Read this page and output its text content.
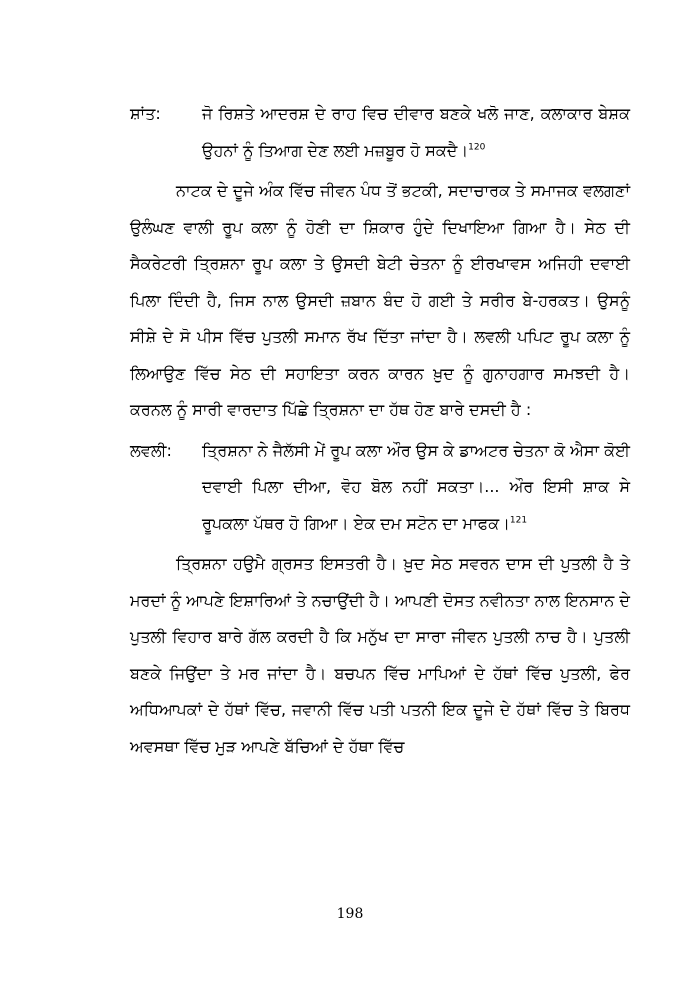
ਸ਼ਾਂਤ:	ਜੋ ਰਿਸ਼ਤੇ ਆਦਰਸ਼ ਦੇ ਰਾਹ ਵਿਚ ਦੀਵਾਰ ਬਣਕੇ ਖਲੋ ਜਾਣ, ਕਲਾਕਾਰ ਬੇਸ਼ਕ ਉਹਨਾਂ ਨੂੰ ਤਿਆਗ ਦੇਣ ਲਈ ਮਜ਼ਬੂਰ ਹੋ ਸਕਦੈ।$^{120}$

ਨਾਟਕ ਦੇ ਦੂਜੇ ਅੰਕ ਵਿੱਚ ਜੀਵਨ ਪੰਧ ਤੋਂ ਭਟਕੀ, ਸਦਾਚਾਰਕ ਤੇ ਸਮਾਜਕ ਵਲਗਣਾਂ ਉਲੰਘਣ ਵਾਲੀ ਰੂਪ ਕਲਾ ਨੂੰ ਹੋਣੀ ਦਾ ਸ਼ਿਕਾਰ ਹੁੰਦੇ ਦਿਖਾਇਆ ਗਿਆ ਹੈ। ਸੇਠ ਦੀ ਸੈਕਰੇਟਰੀ ਤ੍ਰਿਸ਼ਨਾ ਰੂਪ ਕਲਾ ਤੇ ਉਸਦੀ ਬੇਟੀ ਚੇਤਨਾ ਨੂੰ ਈਰਖਾਵਸ ਅਜਿਹੀ ਦਵਾਈ ਪਿਲਾ ਦਿੰਦੀ ਹੈ, ਜਿਸ ਨਾਲ ਉਸਦੀ ਜ਼ਬਾਨ ਬੰਦ ਹੋ ਗਈ ਤੇ ਸਰੀਰ ਬੇ-ਹਰਕਤ। ਉਸਨੂੰ ਸੀਸ਼ੇ ਦੇ ਸੋ ਪੀਸ ਵਿੱਚ ਪੁਤਲੀ ਸਮਾਨ ਰੱਖ ਦਿੱਤਾ ਜਾਂਦਾ ਹੈ। ਲਵਲੀ ਪਪਿਟ ਰੂਪ ਕਲਾ ਨੂੰ ਲਿਆਉਣ ਵਿੱਚ ਸੇਠ ਦੀ ਸਹਾਇਤਾ ਕਰਨ ਕਾਰਨ ਖ਼ੁਦ ਨੂੰ ਗੁਨਾਹਗਾਰ ਸਮਝਦੀ ਹੈ। ਕਰਨਲ ਨੂੰ ਸਾਰੀ ਵਾਰਦਾਤ ਪਿੱਛੇ ਤ੍ਰਿਸ਼ਨਾ ਦਾ ਹੱਥ ਹੋਣ ਬਾਰੇ ਦਸਦੀ ਹੈ :

ਲਵਲੀ:	ਤ੍ਰਿਸ਼ਨਾ ਨੇ ਜੈਲੱਸੀ ਮੇਂ ਰੂਪ ਕਲਾ ਔਰ ਉਸ ਕੇ ਡਾਅਟਰ ਚੇਤਨਾ ਕੋ ਐਸਾ ਕੋਈ ਦਵਾਈ ਪਿਲਾ ਦੀਆ, ਵੋਹ ਬੋਲ ਨਹੀਂ ਸਕਤਾ।... ਔਰ ਇਸੀ ਸ਼ਾਕ ਸੇ ਰੂਪਕਲਾ ਪੱਥਰ ਹੋ ਗਿਆ। ਏਕ ਦਮ ਸਟੋਨ ਦਾ ਮਾਫਕ।$^{121}$

ਤ੍ਰਿਸ਼ਨਾ ਹਉਮੈ ਗ੍ਰਸਤ ਇਸਤਰੀ ਹੈ। ਖ਼ੁਦ ਸੇਠ ਸਵਰਨ ਦਾਸ ਦੀ ਪੁਤਲੀ ਹੈ ਤੇ ਮਰਦਾਂ ਨੂੰ ਆਪਣੇ ਇਸ਼ਾਰਿਆਂ ਤੇ ਨਚਾਉਂਦੀ ਹੈ। ਆਪਣੀ ਦੋਸਤ ਨਵੀਨਤਾ ਨਾਲ ਇਨਸਾਨ ਦੇ ਪੁਤਲੀ ਵਿਹਾਰ ਬਾਰੇ ਗੱਲ ਕਰਦੀ ਹੈ ਕਿ ਮਨੁੱਖ ਦਾ ਸਾਰਾ ਜੀਵਨ ਪੁਤਲੀ ਨਾਚ ਹੈ। ਪੁਤਲੀ ਬਣਕੇ ਜਿਉਂਦਾ ਤੇ ਮਰ ਜਾਂਦਾ ਹੈ। ਬਚਪਨ ਵਿੱਚ ਮਾਪਿਆਂ ਦੇ ਹੱਥਾਂ ਵਿੱਚ ਪੁਤਲੀ, ਫੇਰ ਅਧਿਆਪਕਾਂ ਦੇ ਹੱਥਾਂ ਵਿੱਚ, ਜਵਾਨੀ ਵਿੱਚ ਪਤੀ ਪਤਨੀ ਇਕ ਦੂਜੇ ਦੇ ਹੱਥਾਂ ਵਿੱਚ ਤੇ ਬਿਰਧ ਅਵਸਥਾ ਵਿੱਚ ਮੁੜ ਆਪਣੇ ਬੱਚਿਆਂ ਦੇ ਹੱਥਾ ਵਿੱਚ

198
